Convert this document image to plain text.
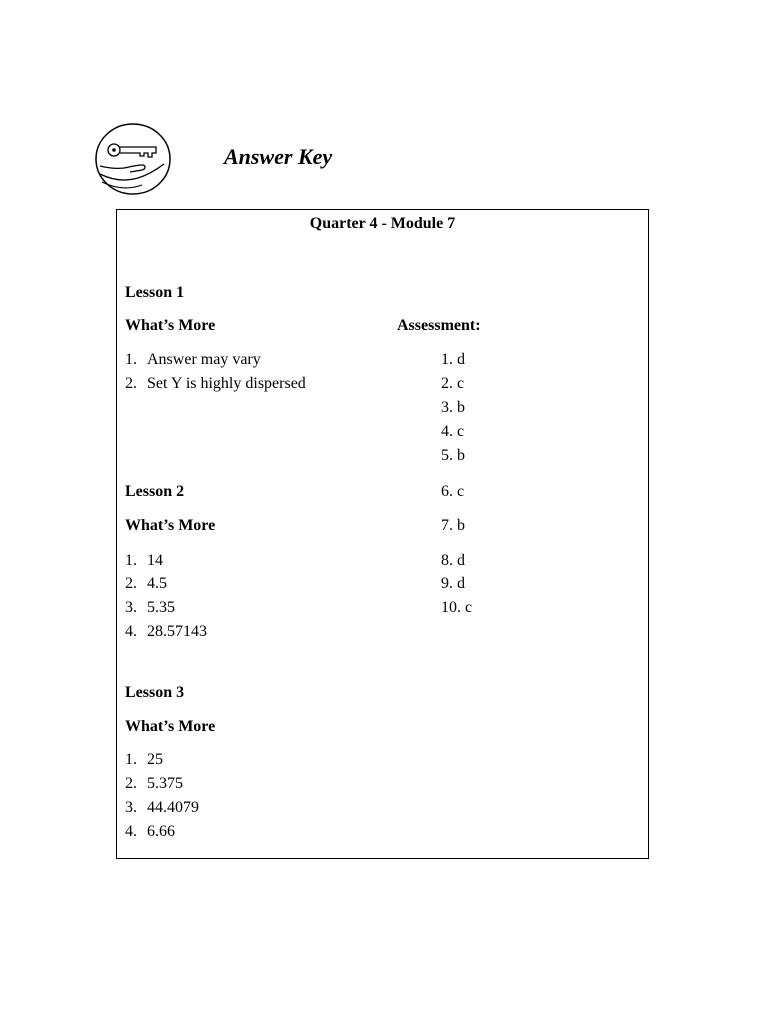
Answer Key
Quarter 4 - Module 7
Lesson 1
What’s More
1. Answer may vary
2. Set Y is highly dispersed
Lesson 2
What’s More
1. 14
2. 4.5
3. 5.35
4. 28.57143
Lesson 3
What’s More
1. 25
2. 5.375
3. 44.4079
4. 6.66
Assessment:
1. d
2. c
3. b
4. c
5. b
6. c
7. b
8. d
9. d
10. c
